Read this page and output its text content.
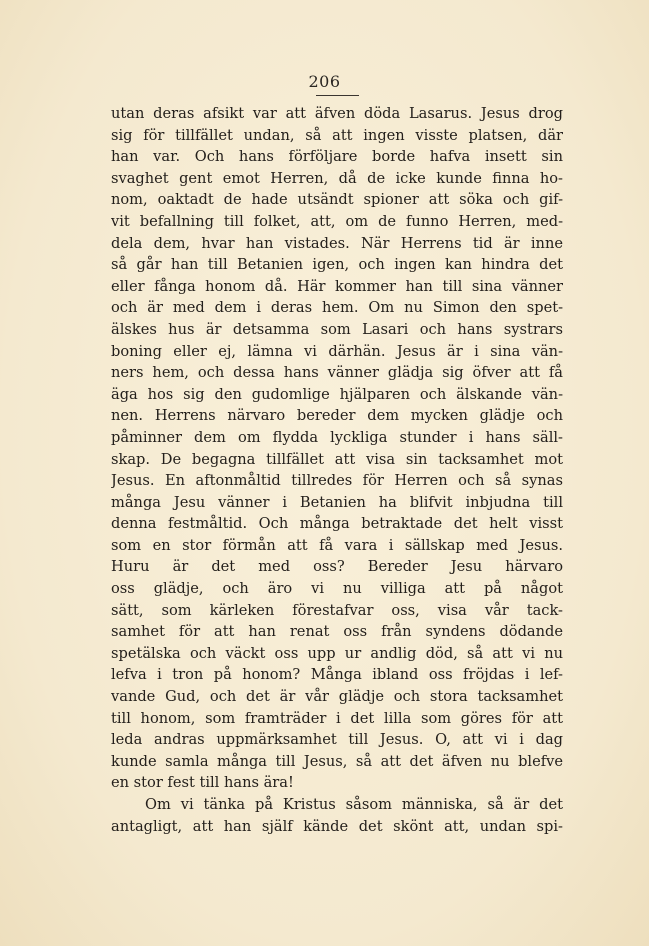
206
utan deras afsikt var att äfven döda Lasarus. Jesus drog
sig för tillfället undan, så att ingen visste platsen, där
han var. Och hans förföljare borde hafva insett sin
svaghet gent emot Herren, då de icke kunde finna ho-
nom, oaktadt de hade utsändt spioner att söka och gif-
vit befallning till folket, att, om de funno Herren, med-
dela dem, hvar han vistades. När Herrens tid är inne
så går han till Betanien igen, och ingen kan hindra det
eller fånga honom då. Här kommer han till sina vänner
och är med dem i deras hem. Om nu Simon den spet-
älskes hus är detsamma som Lasari och hans systrars
boning eller ej, lämna vi därhän. Jesus är i sina vän-
ners hem, och dessa hans vänner glädja sig öfver att få
äga hos sig den gudomlige hjälparen och älskande vän-
nen. Herrens närvaro bereder dem mycken glädje och
påminner dem om flydda lyckliga stunder i hans säll-
skap. De begagna tillfället att visa sin tacksamhet mot
Jesus. En aftonmåltid tillredes för Herren och så synas
många Jesu vänner i Betanien ha blifvit inbjudna till
denna festmåltid. Och många betraktade det helt visst
som en stor förmån att få vara i sällskap med Jesus.
Huru är det med oss? Bereder Jesu härvaro
oss glädje, och äro vi nu villiga att på något
sätt, som kärleken förestafvar oss, visa vår tack-
samhet för att han renat oss från syndens dödande
spetälska och väckt oss upp ur andlig död, så att vi nu
lefva i tron på honom? Många ibland oss fröjdas i lef-
vande Gud, och det är vår glädje och stora tacksamhet
till honom, som framträder i det lilla som göres för att
leda andras uppmärksamhet till Jesus. O, att vi i dag
kunde samla många till Jesus, så att det äfven nu blefve
en stor fest till hans ära!
Om vi tänka på Kristus såsom människa, så är det
antagligt, att han själf kände det skönt att, undan spi-
